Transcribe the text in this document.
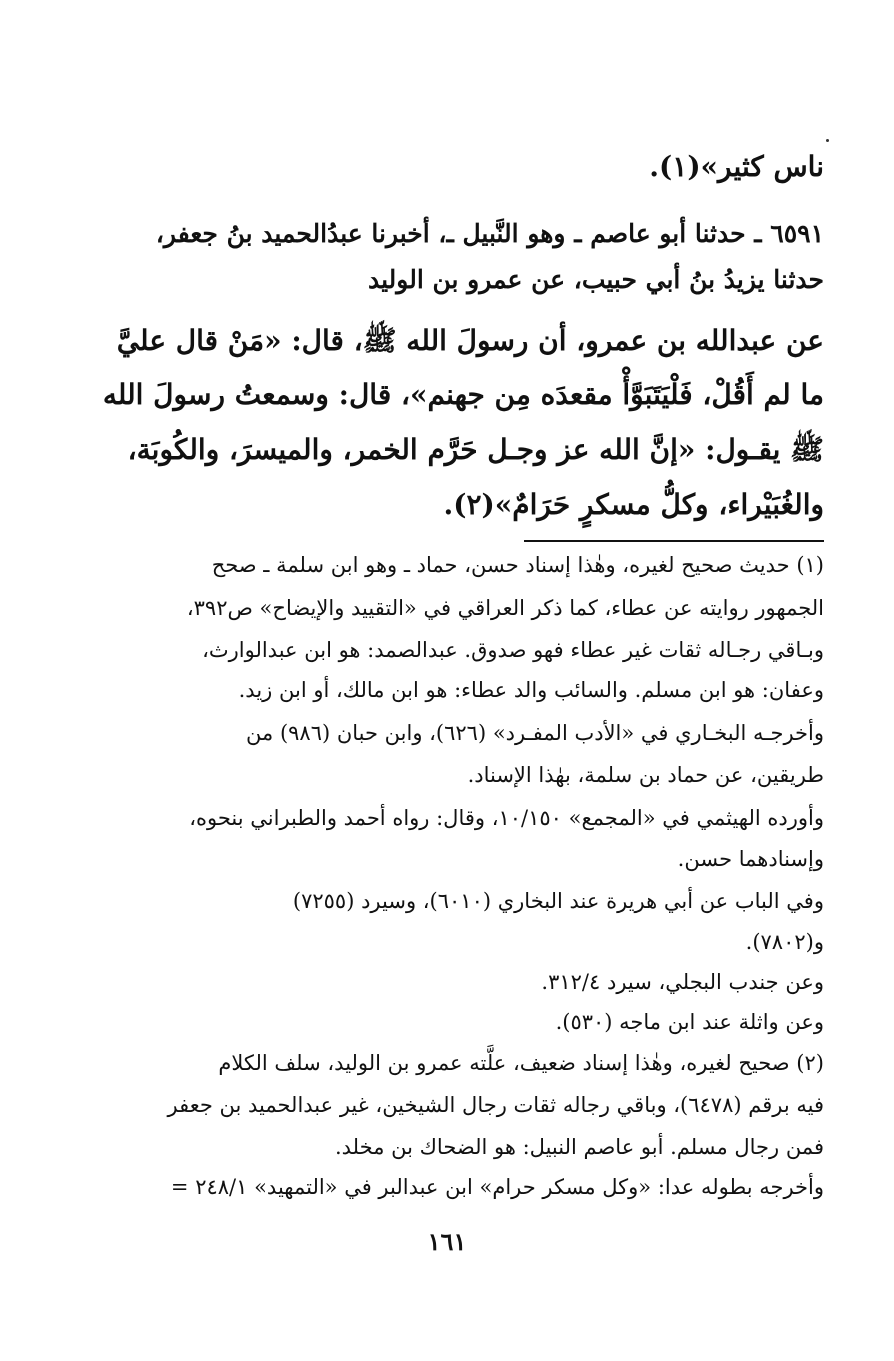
ناس كثير»(١).
٦٥٩١ ـ حدثنا أبو عاصم ـ وهو النَّبيل ـ، أخبرنا عبدُالحميد بنُ جعفر،
حدثنا يزيدُ بنُ أبي حبيب، عن عمرو بن الوليد
عن عبدالله بن عمرو، أن رسولَ الله ﷺ، قال: «مَنْ قال عليَّ
ما لم أَقُلْ، فَلْيَتَبَوَّأْ مقعدَه مِن جهنم»، قال: وسمعتُ رسولَ الله
ﷺ يقـول: «إنَّ الله عز وجـل حَرَّم الخمر، والميسرَ، والكُوبَة،
والغُبَيْراء، وكلُّ مسكرٍ حَرَامٌ»(٢).
(١) حديث صحيح لغيره، وهٰذا إسناد حسن، حماد ـ وهو ابن سلمة ـ صحح
الجمهور روايته عن عطاء، كما ذكر العراقي في «التقييد والإيضاح» ص٣٩٢،
وبـاقي رجـاله ثقات غير عطاء فهو صدوق. عبدالصمد: هو ابن عبدالوارث،
وعفان: هو ابن مسلم. والسائب والد عطاء: هو ابن مالك، أو ابن زيد.
وأخرجـه البخـاري في «الأدب المفـرد» (٦٢٦)، وابن حبان (٩٨٦) من
طريقين، عن حماد بن سلمة، بهٰذا الإسناد.
وأورده الهيثمي في «المجمع» ١٠/١٥٠، وقال: رواه أحمد والطبراني بنحوه،
وإسنادهما حسن.
وفي الباب عن أبي هريرة عند البخاري (٦٠١٠)، وسيرد (٧٢٥٥)
و(٧٨٠٢).
وعن جندب البجلي، سيرد ٣١٢/٤.
وعن واثلة عند ابن ماجه (٥٣٠).
(٢) صحيح لغيره، وهٰذا إسناد ضعيف، علَّته عمرو بن الوليد، سلف الكلام
فيه برقم (٦٤٧٨)، وباقي رجاله ثقات رجال الشيخين، غير عبدالحميد بن جعفر
فمن رجال مسلم. أبو عاصم النبيل: هو الضحاك بن مخلد.
وأخرجه بطوله عدا: «وكل مسكر حرام» ابن عبدالبر في «التمهيد» ٢٤٨/١ =
١٦١
